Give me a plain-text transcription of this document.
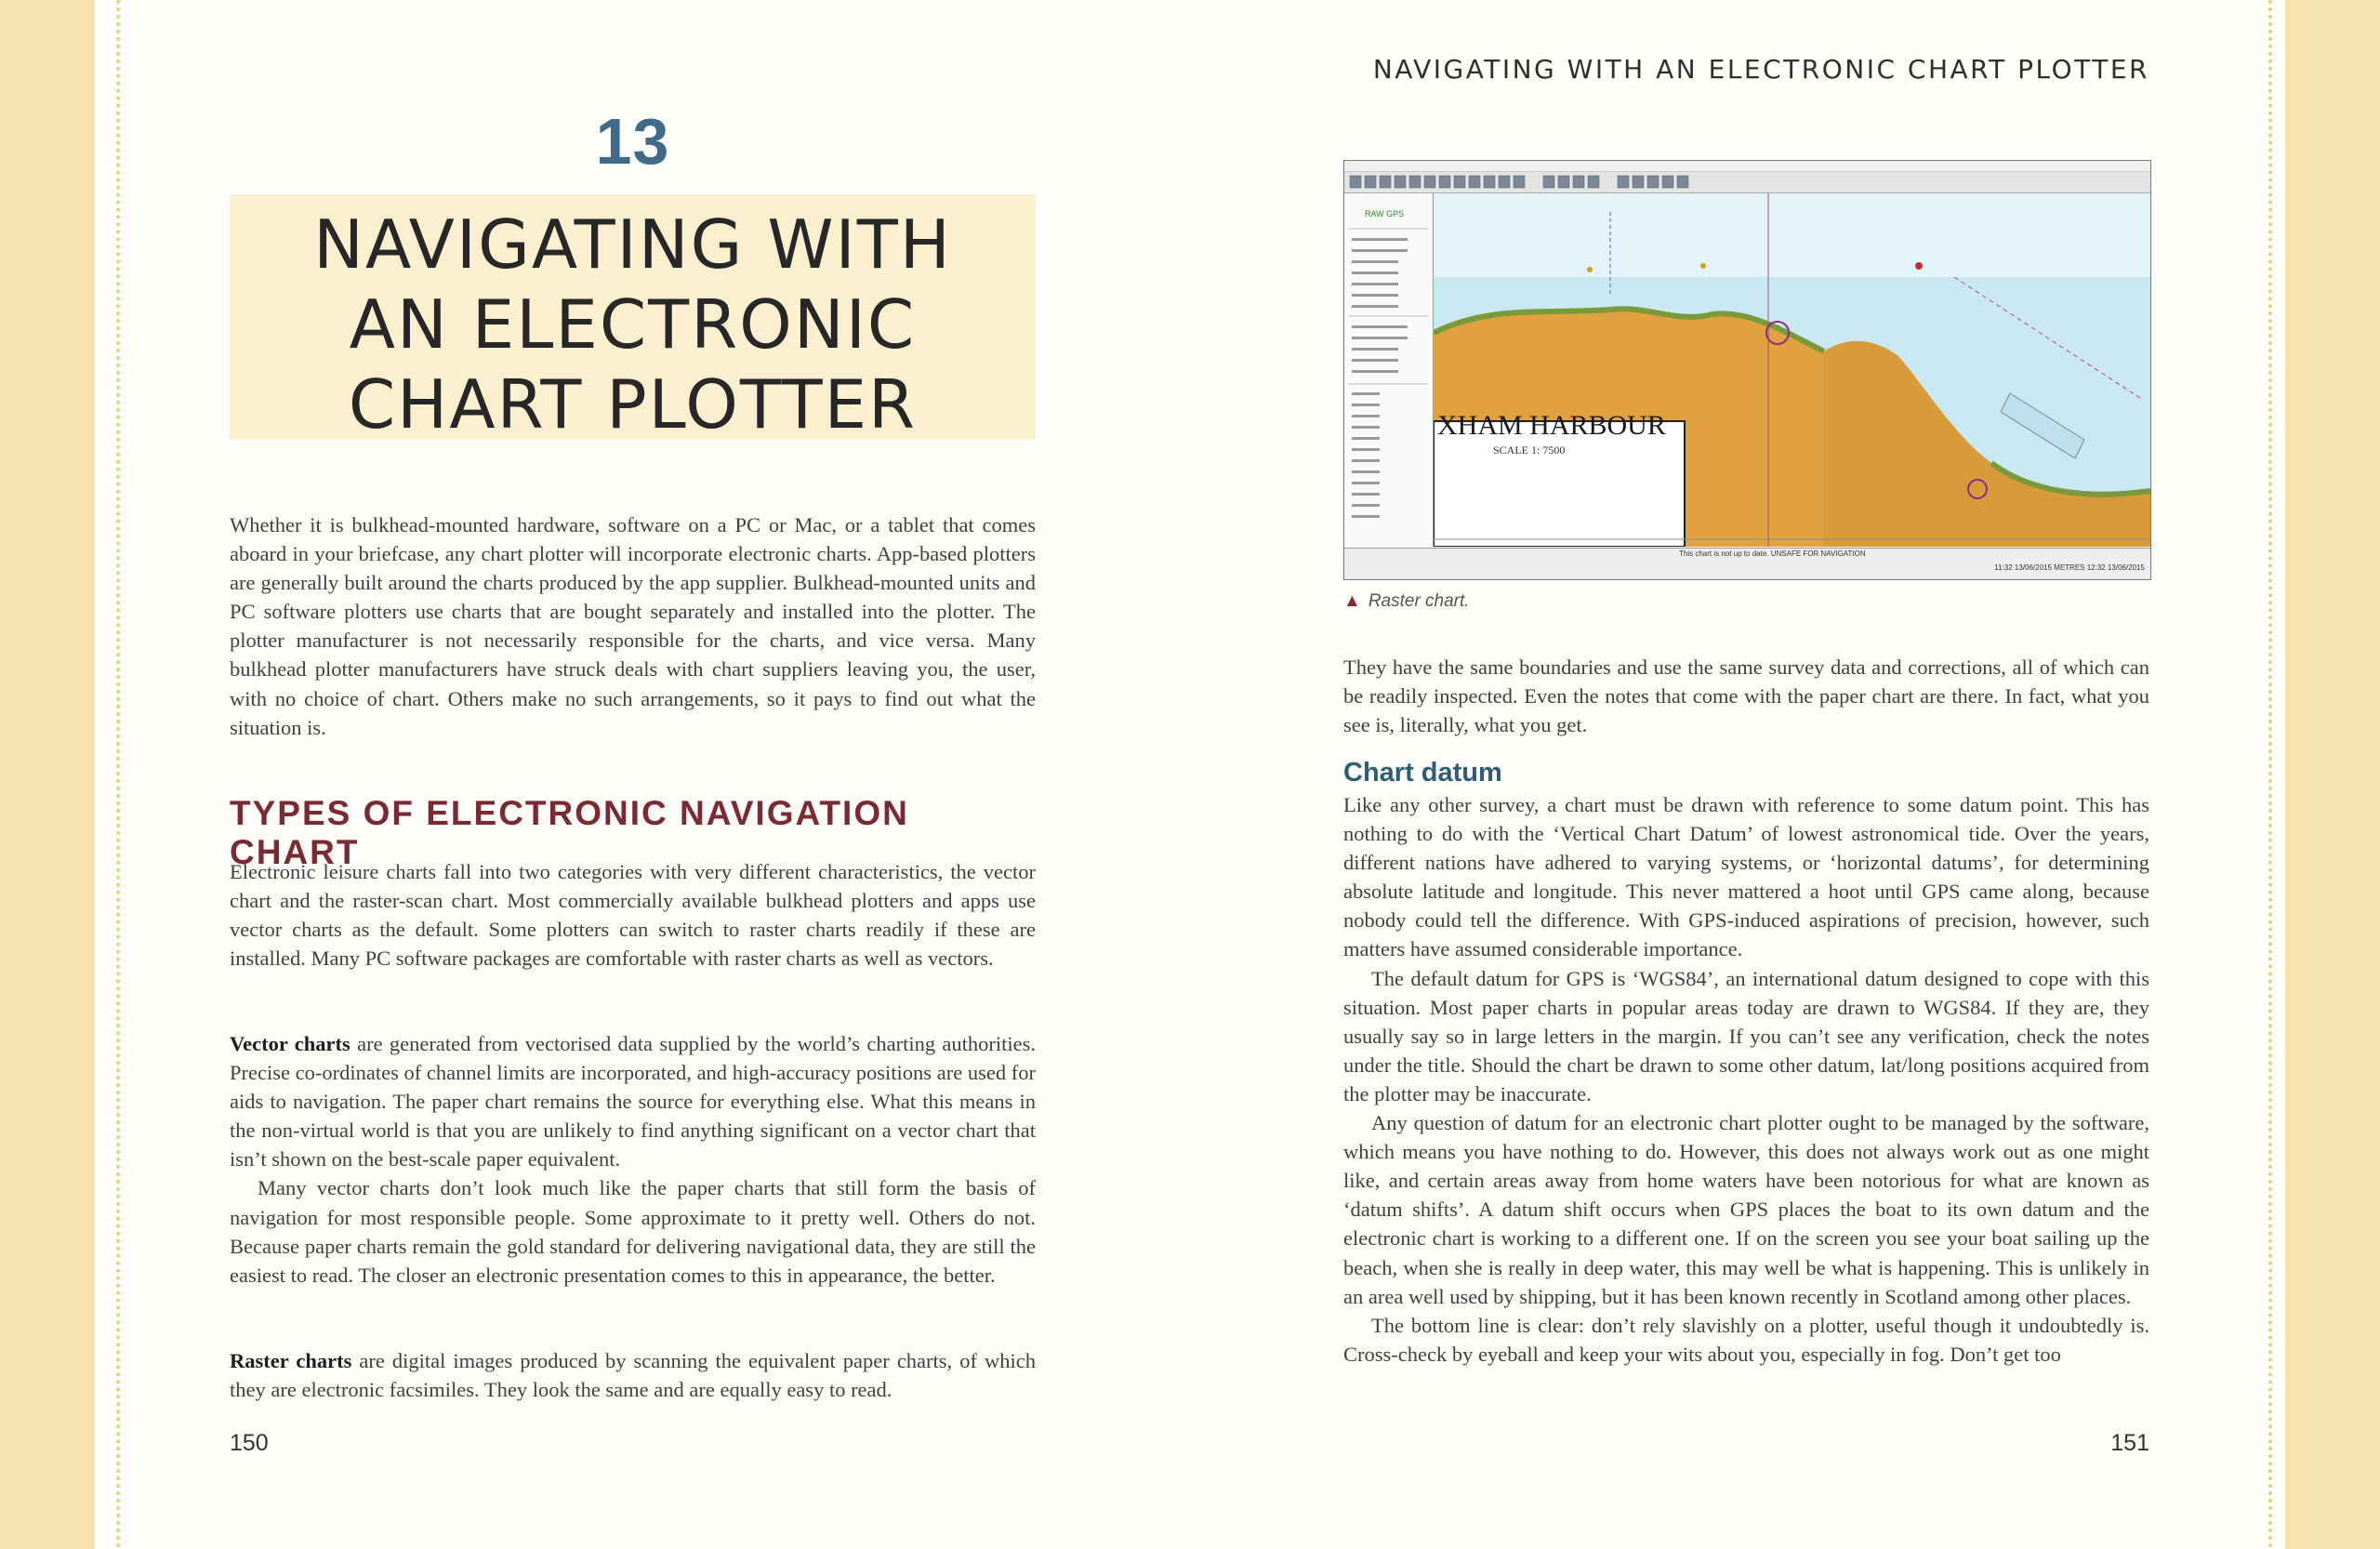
13
NAVIGATING WITH
AN ELECTRONIC
CHART PLOTTER

Whether it is bulkhead-mounted hardware, software on a PC or Mac, or a tablet that comes aboard in your briefcase, any chart plotter will incorporate electronic charts. App-based plotters are generally built around the charts produced by the app supplier. Bulkhead-mounted units and PC software plotters use charts that are bought separately and installed into the plotter. The plotter manufacturer is not necessarily responsible for the charts, and vice versa. Many bulkhead plotter manufacturers have struck deals with chart suppliers leaving you, the user, with no choice of chart. Others make no such arrangements, so it pays to find out what the situation is.

TYPES OF ELECTRONIC NAVIGATION CHART

Electronic leisure charts fall into two categories with very different characteristics, the vector chart and the raster-scan chart. Most commercially available bulkhead plotters and apps use vector charts as the default. Some plotters can switch to raster charts readily if these are installed. Many PC software packages are comfortable with raster charts as well as vectors.

Vector charts are generated from vectorised data supplied by the world’s charting authorities. Precise co-ordinates of channel limits are incorporated, and high-accuracy positions are used for aids to navigation. The paper chart remains the source for everything else. What this means in the non-virtual world is that you are unlikely to find anything significant on a vector chart that isn’t shown on the best-scale paper equivalent.

Many vector charts don’t look much like the paper charts that still form the basis of navigation for most responsible people. Some approximate to it pretty well. Others do not. Because paper charts remain the gold standard for delivering navigational data, they are still the easiest to read. The closer an electronic presentation comes to this in appearance, the better.

Raster charts are digital images produced by scanning the equivalent paper charts, of which they are electronic facsimiles. They look the same and are equally easy to read.

150
NAVIGATING WITH AN ELECTRONIC CHART PLOTTER
RAW GPS
XHAM HARBOUR
SCALE 1: 7500
This chart is not up to date. UNSAFE FOR NAVIGATION
11:32 13/06/2015 METRES 12:32 13/06/2015
▲ Raster chart.

They have the same boundaries and use the same survey data and corrections, all of which can be readily inspected. Even the notes that come with the paper chart are there. In fact, what you see is, literally, what you get.

Chart datum

Like any other survey, a chart must be drawn with reference to some datum point. This has nothing to do with the ‘Vertical Chart Datum’ of lowest astronomical tide. Over the years, different nations have adhered to varying systems, or ‘horizontal datums’, for determining absolute latitude and longitude. This never mattered a hoot until GPS came along, because nobody could tell the difference. With GPS-induced aspirations of precision, however, such matters have assumed considerable importance.

The default datum for GPS is ‘WGS84’, an international datum designed to cope with this situation. Most paper charts in popular areas today are drawn to WGS84. If they are, they usually say so in large letters in the margin. If you can’t see any verification, check the notes under the title. Should the chart be drawn to some other datum, lat/long positions acquired from the plotter may be inaccurate.

Any question of datum for an electronic chart plotter ought to be managed by the software, which means you have nothing to do. However, this does not always work out as one might like, and certain areas away from home waters have been notorious for what are known as ‘datum shifts’. A datum shift occurs when GPS places the boat to its own datum and the electronic chart is working to a different one. If on the screen you see your boat sailing up the beach, when she is really in deep water, this may well be what is happening. This is unlikely in an area well used by shipping, but it has been known recently in Scotland among other places.

The bottom line is clear: don’t rely slavishly on a plotter, useful though it undoubtedly is. Cross-check by eyeball and keep your wits about you, especially in fog. Don’t get too

151
